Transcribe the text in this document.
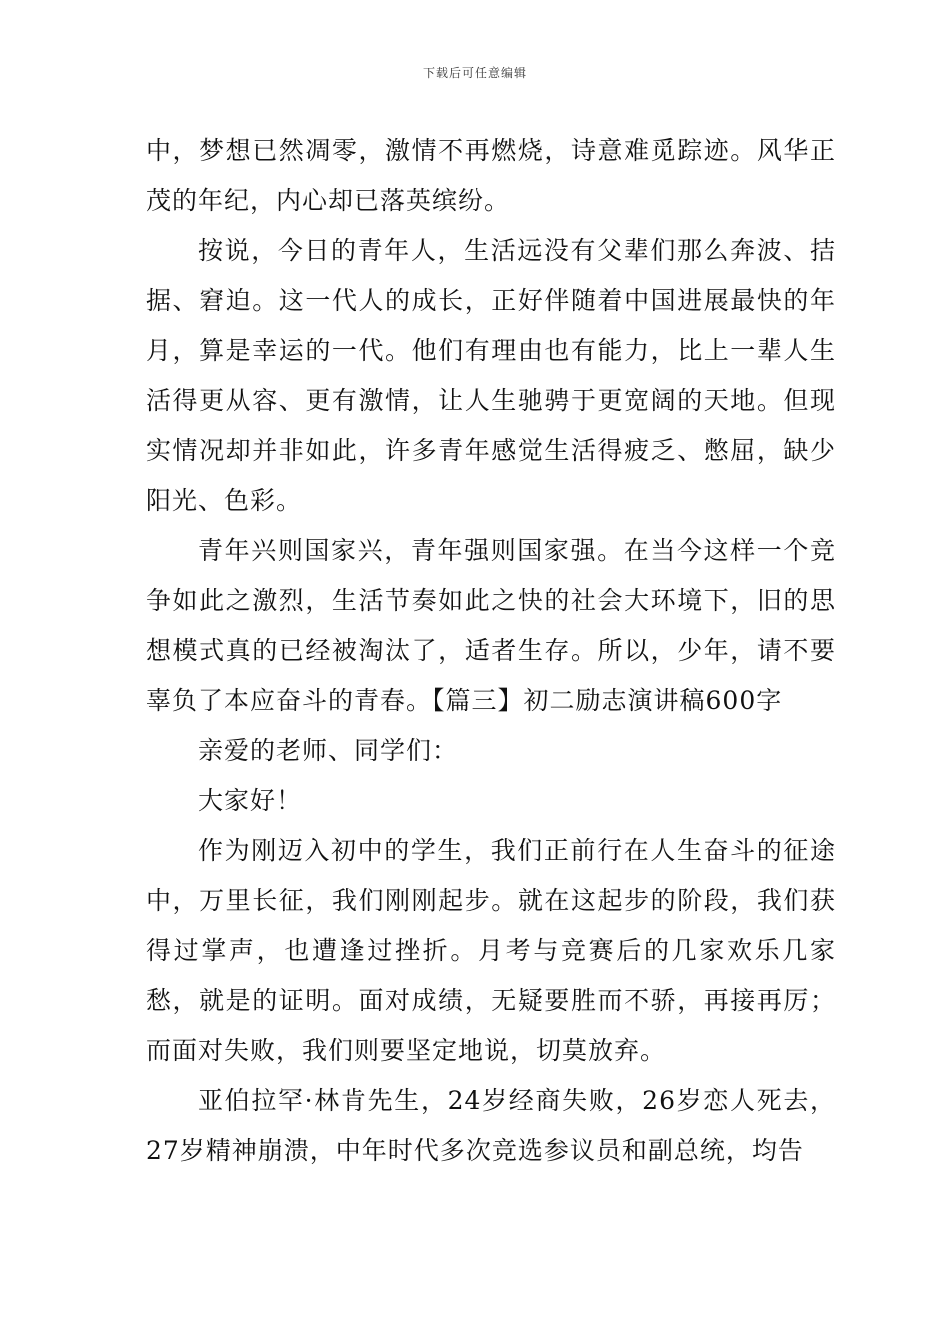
下载后可任意编辑

中，梦想已然凋零，激情不再燃烧，诗意难觅踪迹。风华正茂的年纪，内心却已落英缤纷。

按说，今日的青年人，生活远没有父辈们那么奔波、拮据、窘迫。这一代人的成长，正好伴随着中国进展最快的年月，算是幸运的一代。他们有理由也有能力，比上一辈人生活得更从容、更有激情，让人生驰骋于更宽阔的天地。但现实情况却并非如此，许多青年感觉生活得疲乏、憋屈，缺少阳光、色彩。

青年兴则国家兴，青年强则国家强。在当今这样一个竞争如此之激烈，生活节奏如此之快的社会大环境下，旧的思想模式真的已经被淘汰了，适者生存。所以，少年，请不要辜负了本应奋斗的青春。【篇三】初二励志演讲稿600字

亲爱的老师、同学们：

大家好！

作为刚迈入初中的学生，我们正前行在人生奋斗的征途中，万里长征，我们刚刚起步。就在这起步的阶段，我们获得过掌声，也遭逢过挫折。月考与竞赛后的几家欢乐几家愁，就是的证明。面对成绩，无疑要胜而不骄，再接再厉；而面对失败，我们则要坚定地说，切莫放弃。

亚伯拉罕·林肯先生，24岁经商失败，26岁恋人死去，27岁精神崩溃，中年时代多次竞选参议员和副总统，均告
